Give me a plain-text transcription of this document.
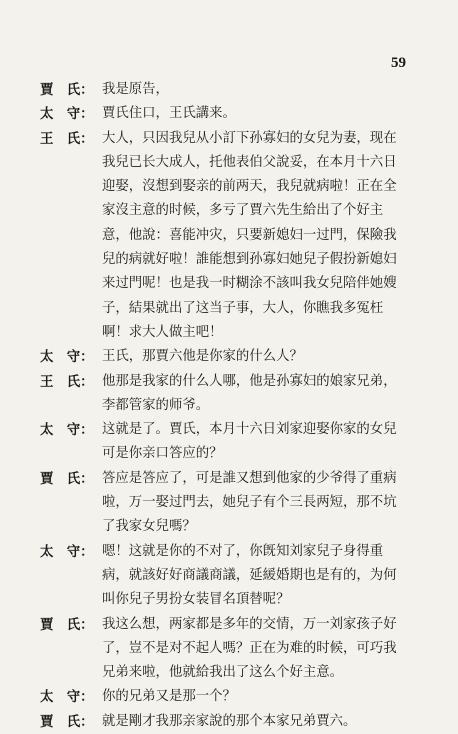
59
賈　氏： 我是原告，
太　守： 賈氏住口，王氏講来。
王　氏： 大人，只因我兒从小訂下孙寡妇的女兒为妻，现在
我兒已长大成人，托他表伯父說妥，在本月十六日
迎娶，沒想到娶亲的前两天，我兒就病啦！正在全
家沒主意的时候，多亏了賈六先生給出了个好主
意，他說：喜能冲灾，只要新媳妇一过門，保險我
兒的病就好啦！誰能想到孙寡妇她兒子假扮新媳妇
来过門呢！也是我一时糊涂不該叫我女兒陪伴她嫂
子，結果就出了这当子事，大人，你瞧我多冤枉
啊！求大人做主吧！
太　守： 王氏，那賈六他是你家的什么人？
王　氏： 他那是我家的什么人哪，他是孙寡妇的娘家兄弟，
李都管家的师爷。
太　守： 这就是了。賈氏，本月十六日刘家迎娶你家的女兒
可是你亲口答应的？
賈　氏： 答应是答应了，可是誰又想到他家的少爷得了重病
啦，万一娶过門去，她兒子有个三長两短，那不坑
了我家女兒嗎？
太　守： 嗯！这就是你的不对了，你旣知刘家兒子身得重
病，就該好好商議商議，延緩婚期也是有的，为何
叫你兒子男扮女装冒名頂替呢？
賈　氏： 我这么想，两家都是多年的交情，万一刘家孩子好
了，豈不是对不起人嗎？正在为难的时候，可巧我
兄弟来啦，他就給我出了这么个好主意。
太　守： 你的兄弟又是那一个？
賈　氏： 就是剛才我那亲家說的那个本家兄弟賈六。
